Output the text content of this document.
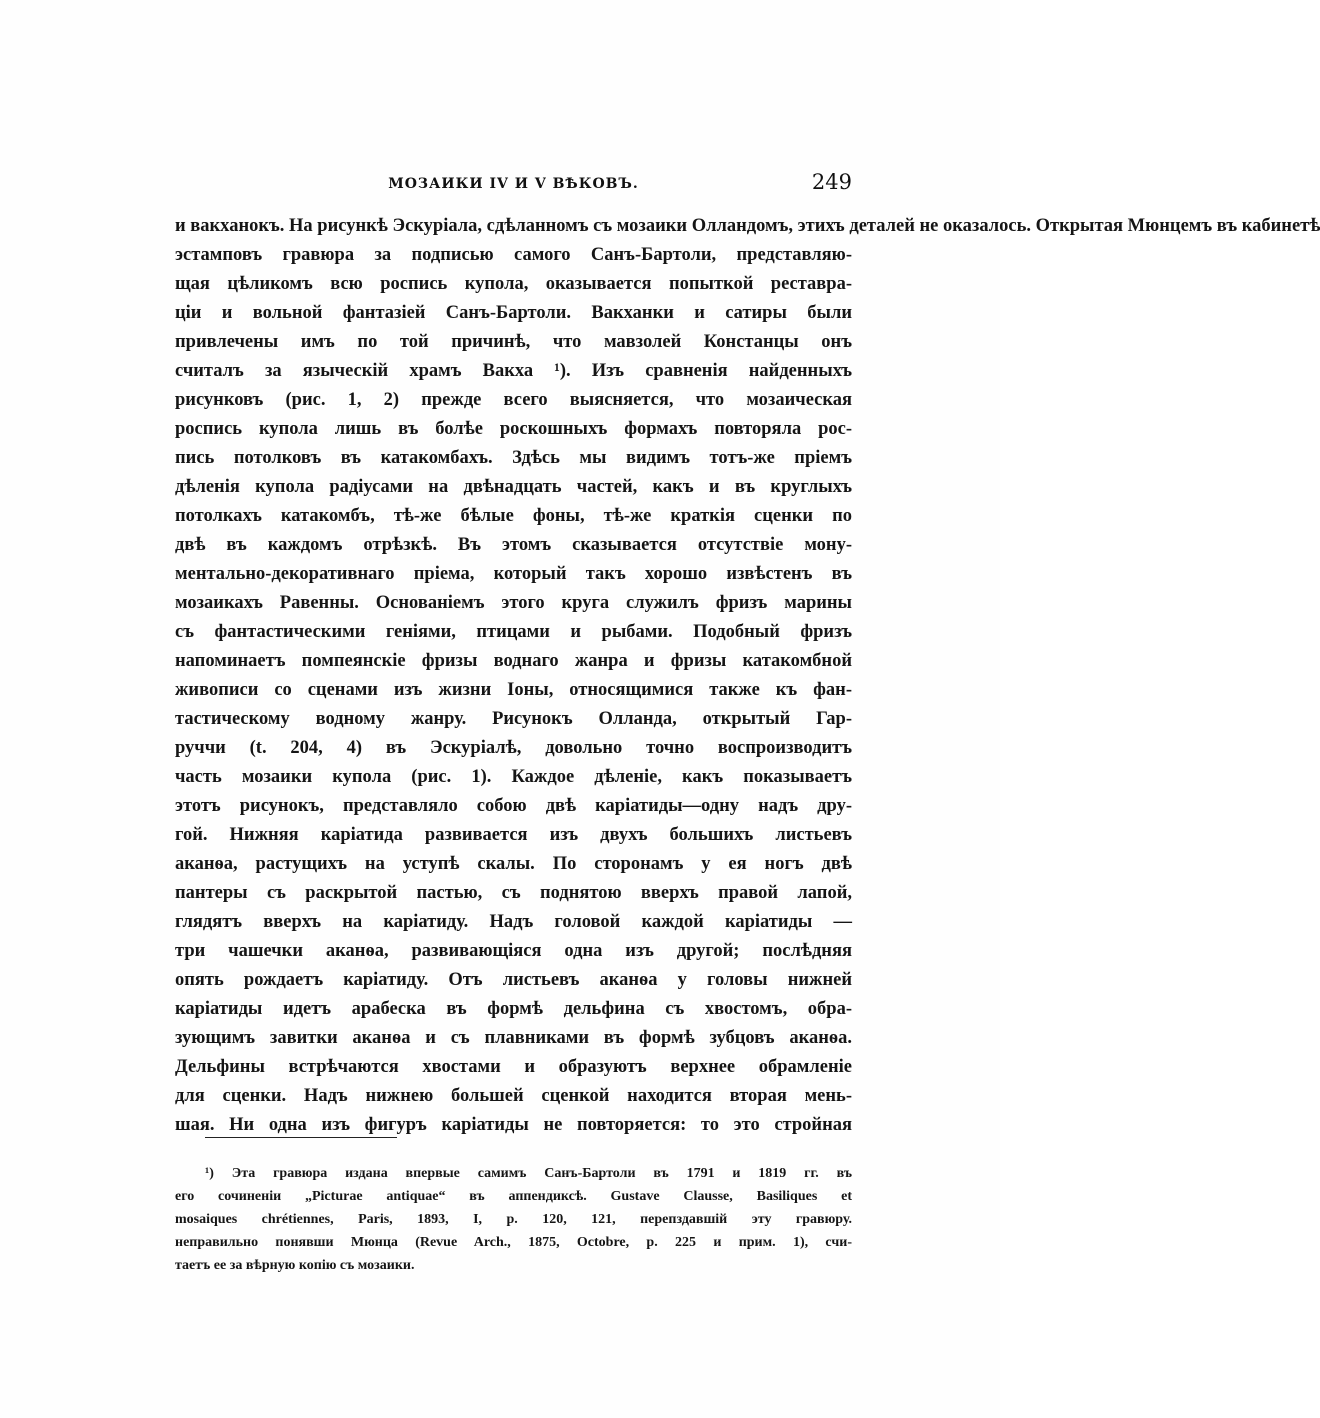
МОЗАИКИ IV И V ВѢКОВЪ.	249
и вакханокъ. На рисункѣ Эскуріала, сдѣланномъ съ мозаики Олландомъ, этихъ деталей не оказалось. Открытая Мюнцемъ въ кабинетѣ
эстамповъ гравюра за подписью самого Санъ-Бартоли, представляю-
щая цѣликомъ всю роспись купола, оказывается попыткой реставра-
ціи и вольной фантазіей Санъ-Бартоли. Вакханки и сатиры были
привлечены имъ по той причинѣ, что мавзолей Констанцы онъ
считалъ за языческій храмъ Вакха ¹). Изъ сравненія найденныхъ
рисунковъ (рис. 1, 2) прежде всего выясняется, что мозаическая
роспись купола лишь въ болѣе роскошныхъ формахъ повторяла рос-
пись потолковъ въ катакомбахъ. Здѣсь мы видимъ тотъ-же пріемъ
дѣленія купола радіусами на двѣнадцать частей, какъ и въ круглыхъ
потолкахъ катакомбъ, тѣ-же бѣлые фоны, тѣ-же краткія сценки по
двѣ въ каждомъ отрѣзкѣ. Въ этомъ сказывается отсутствіе мону-
ментально-декоративнаго пріема, который такъ хорошо извѣстенъ въ
мозаикахъ Равенны. Основаніемъ этого круга служилъ фризъ марины
съ фантастическими геніями, птицами и рыбами. Подобный фризъ
напоминаетъ помпеянскіе фризы воднаго жанра и фризы катакомбной
живописи со сценами изъ жизни Іоны, относящимися также къ фан-
тастическому водному жанру. Рисунокъ Олланда, открытый Гар-
руччи (t. 204, 4) въ Эскуріалѣ, довольно точно воспроизводитъ
часть мозаики купола (рис. 1). Каждое дѣленіе, какъ показываетъ
этотъ рисунокъ, представляло собою двѣ каріатиды—одну надъ дру-
гой. Нижняя каріатида развивается изъ двухъ большихъ листьевъ
аканѳа, растущихъ на уступѣ скалы. По сторонамъ у ея ногъ двѣ
пантеры съ раскрытой пастью, съ поднятою вверхъ правой лапой,
глядятъ вверхъ на каріатиду. Надъ головой каждой каріатиды —
три чашечки аканѳа, развивающіяся одна изъ другой; послѣдняя
опять рождаетъ каріатиду. Отъ листьевъ аканѳа у головы нижней
каріатиды идетъ арабеска въ формѣ дельфина съ хвостомъ, обра-
зующимъ завитки аканѳа и съ плавниками въ формѣ зубцовъ аканѳа.
Дельфины встрѣчаются хвостами и образуютъ верхнее обрамленіе
для сценки. Надъ нижнею большей сценкой находится вторая мень-
шая. Ни одна изъ фигуръ каріатиды не повторяется: то это стройная
¹) Эта гравюра издана впервые самимъ Санъ-Бартоли въ 1791 и 1819 гг. въ
его сочиненіи „Picturae antiquae“ въ аппендиксѣ. Gustave Clausse, Basiliques et
mosaiques chrétiennes, Paris, 1893, I, p. 120, 121, перепздавшій эту гравюру.
неправильно понявши Мюнца (Revue Arch., 1875, Octobre, p. 225 и прим. 1), счи-
таетъ ее за вѣрную копію съ мозаики.
